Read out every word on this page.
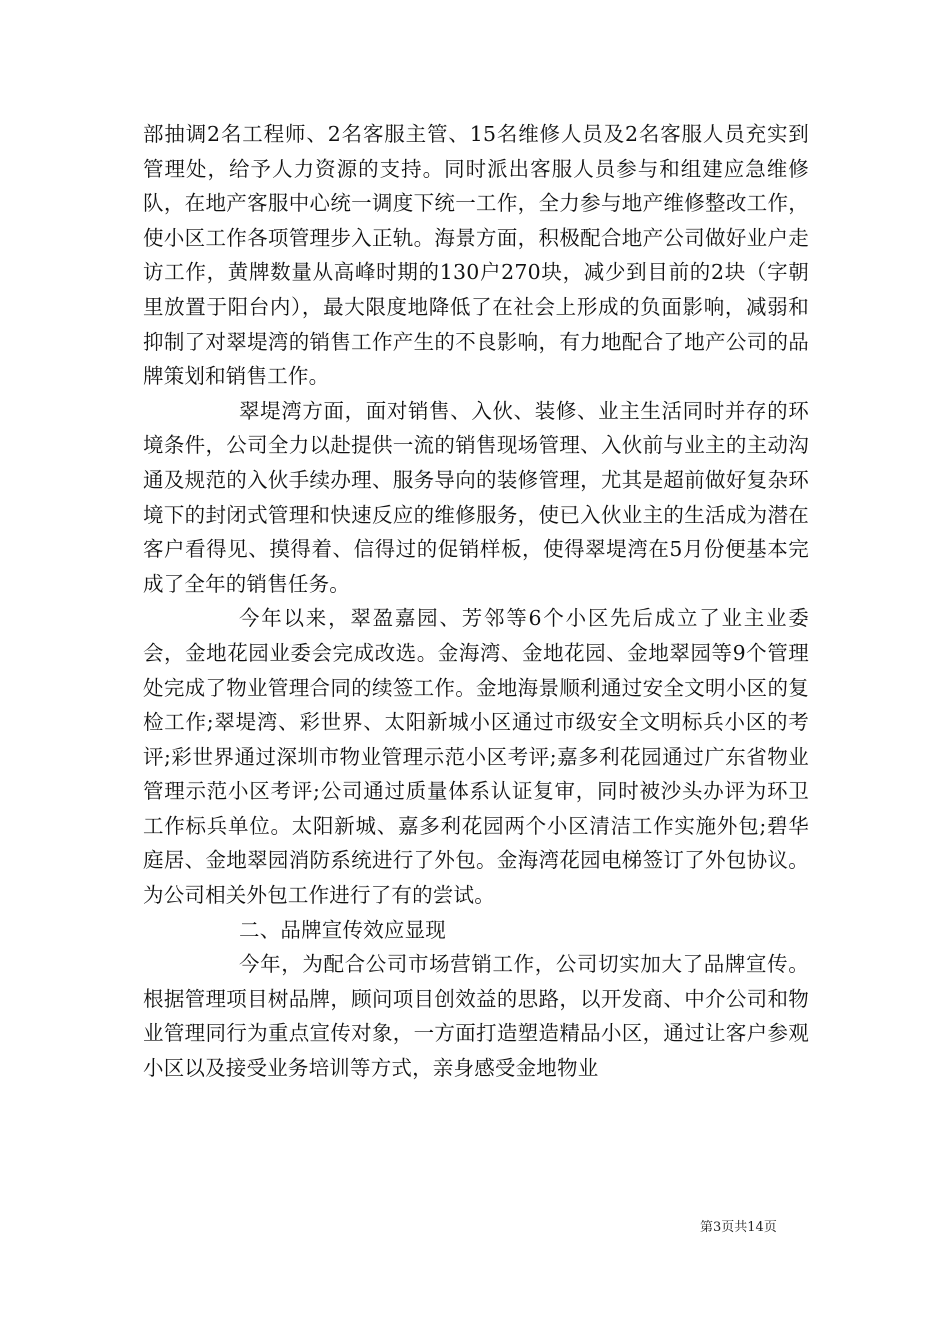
部抽调2名工程师、2名客服主管、15名维修人员及2名客服人员充实到管理处，给予人力资源的支持。同时派出客服人员参与和组建应急维修队，在地产客服中心统一调度下统一工作，全力参与地产维修整改工作，使小区工作各项管理步入正轨。海景方面，积极配合地产公司做好业户走访工作，黄牌数量从高峰时期的130户270块，减少到目前的2块（字朝里放置于阳台内），最大限度地降低了在社会上形成的负面影响，减弱和抑制了对翠堤湾的销售工作产生的不良影响，有力地配合了地产公司的品牌策划和销售工作。

翠堤湾方面，面对销售、入伙、装修、业主生活同时并存的环境条件，公司全力以赴提供一流的销售现场管理、入伙前与业主的主动沟通及规范的入伙手续办理、服务导向的装修管理，尤其是超前做好复杂环境下的封闭式管理和快速反应的维修服务，使已入伙业主的生活成为潜在客户看得见、摸得着、信得过的促销样板，使得翠堤湾在5月份便基本完成了全年的销售任务。

今年以来，翠盈嘉园、芳邻等6个小区先后成立了业主业委会，金地花园业委会完成改选。金海湾、金地花园、金地翠园等9个管理处完成了物业管理合同的续签工作。金地海景顺利通过安全文明小区的复检工作;翠堤湾、彩世界、太阳新城小区通过市级安全文明标兵小区的考评;彩世界通过深圳市物业管理示范小区考评;嘉多利花园通过广东省物业管理示范小区考评;公司通过质量体系认证复审，同时被沙头办评为环卫工作标兵单位。太阳新城、嘉多利花园两个小区清洁工作实施外包;碧华庭居、金地翠园消防系统进行了外包。金海湾花园电梯签订了外包协议。为公司相关外包工作进行了有的尝试。

二、品牌宣传效应显现

今年，为配合公司市场营销工作，公司切实加大了品牌宣传。根据管理项目树品牌，顾问项目创效益的思路，以开发商、中介公司和物业管理同行为重点宣传对象，一方面打造塑造精品小区，通过让客户参观小区以及接受业务培训等方式，亲身感受金地物业

第3页共14页
